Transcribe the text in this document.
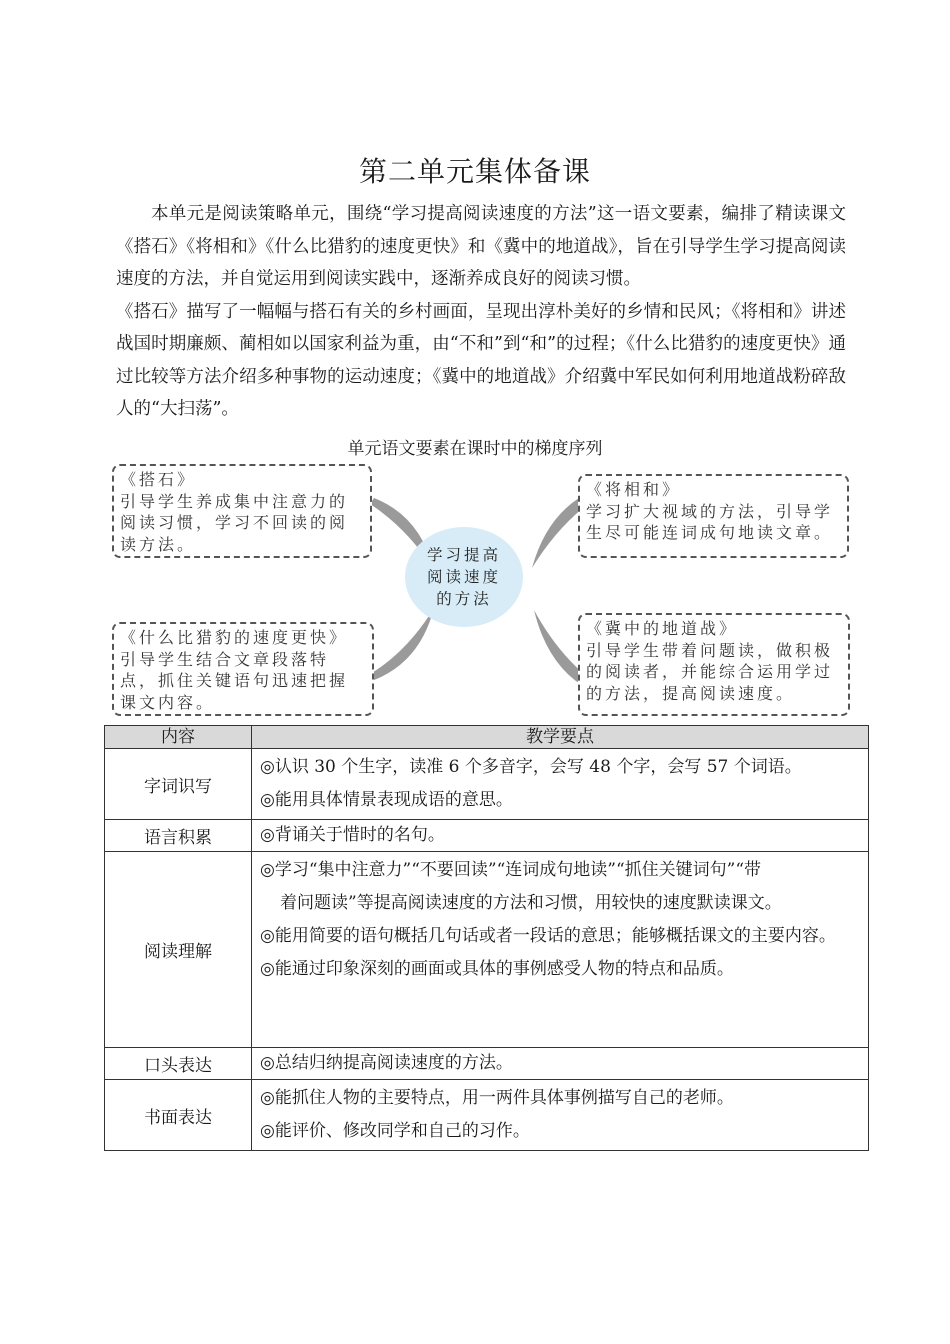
第二单元集体备课

本单元是阅读策略单元，围绕“学习提高阅读速度的方法”这一语文要素，编排了精读课文《搭石》《将相和》《什么比猎豹的速度更快》和《冀中的地道战》，旨在引导学生学习提高阅读速度的方法，并自觉运用到阅读实践中，逐渐养成良好的阅读习惯。

《搭石》描写了一幅幅与搭石有关的乡村画面，呈现出淳朴美好的乡情和民风；《将相和》讲述战国时期廉颇、蔺相如以国家利益为重，由“不和”到“和”的过程；《什么比猎豹的速度更快》通过比较等方法介绍多种事物的运动速度；《冀中的地道战》介绍冀中军民如何利用地道战粉碎敌人的“大扫荡”。

单元语文要素在课时中的梯度序列
学习提高阅读速度的方法
《搭石》
引导学生养成集中注意力的阅读习惯，学习不回读的阅读方法。
《将相和》
学习扩大视域的方法，引导学生尽可能连词成句地读文章。
《什么比猎豹的速度更快》
引导学生结合文章段落特点，抓住关键语句迅速把握课文内容。
《冀中的地道战》
引导学生带着问题读，做积极的阅读者，并能综合运用学过的方法，提高阅读速度。
内容	教学要点
字词识写	◎认识 30 个生字，读准 6 个多音字，会写 48 个字，会写 57 个词语。
◎能用具体情景表现成语的意思。

语言积累	◎背诵关于惜时的名句。

阅读理解	◎学习“集中注意力”“不要回读”“连词成句地读”“抓住关键词句”“带
着问题读”等提高阅读速度的方法和习惯，用较快的速度默读课文。
◎能用简要的语句概括几句话或者一段话的意思；能够概括课文的主要内容。
◎能通过印象深刻的画面或具体的事例感受人物的特点和品质。

口头表达	◎总结归纳提高阅读速度的方法。

书面表达	◎能抓住人物的主要特点，用一两件具体事例描写自己的老师。
◎能评价、修改同学和自己的习作。
